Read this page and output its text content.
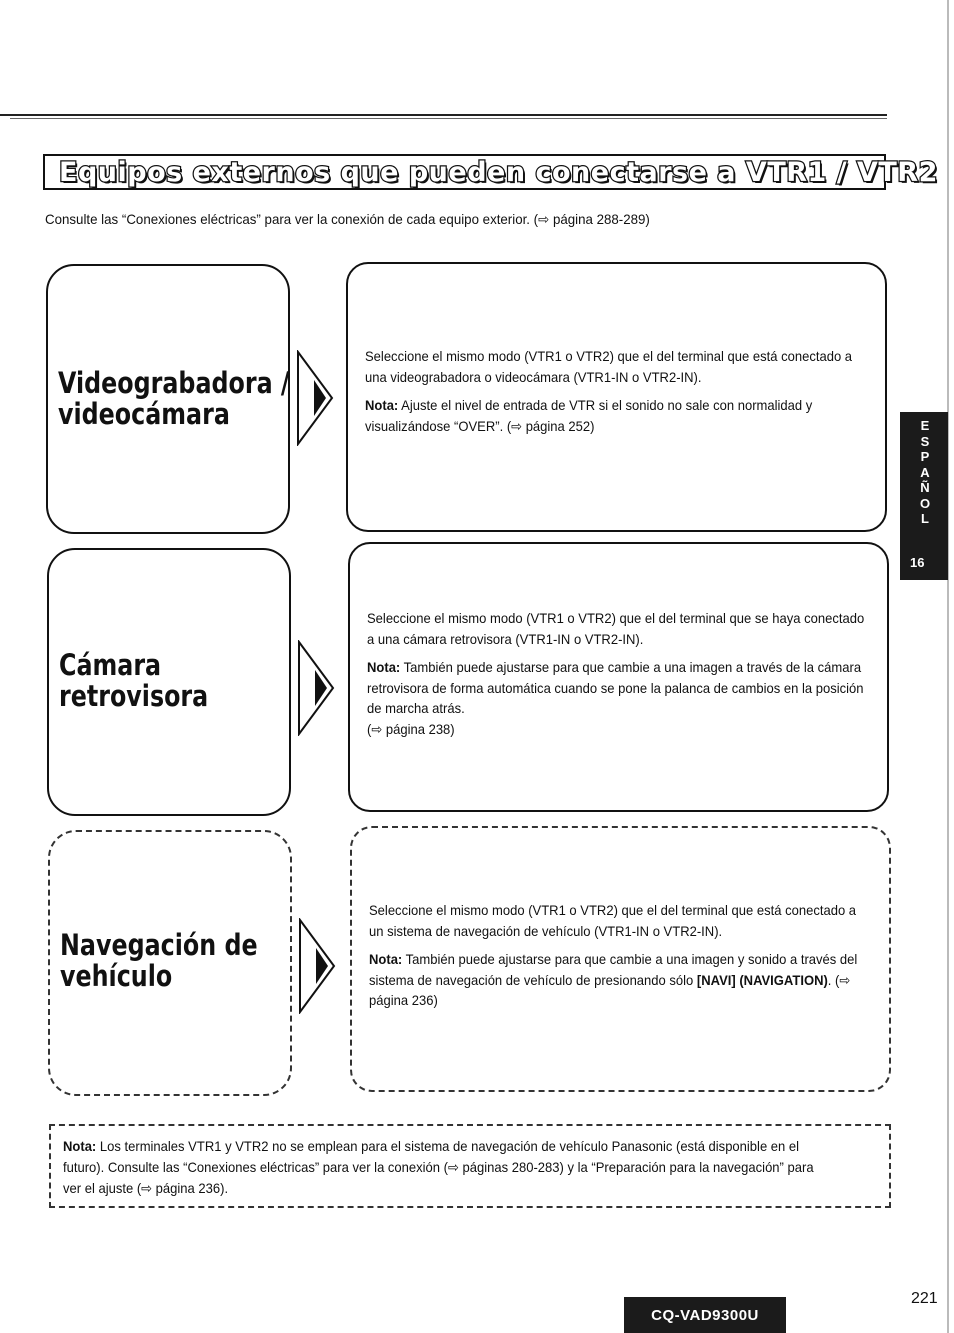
Equipos externos que pueden conectarse a VTR1 / VTR2
Consulte las “Conexiones eléctricas” para ver la conexión de cada equipo exterior. (⇨ página 288-289)
Videograbadora /
videocámara

Seleccione el mismo modo (VTR1 o VTR2) que el del terminal que está conectado a una videograbadora o videocámara (VTR1-IN o VTR2-IN).

Nota: Ajuste el nivel de entrada de VTR si el sonido no sale con normalidad y visualizándose “OVER”. (⇨ página 252)

Cámara
retrovisora

Seleccione el mismo modo (VTR1 o VTR2) que el del terminal que se haya conectado a una cámara retrovisora (VTR1-IN o VTR2-IN).

Nota: También puede ajustarse para que cambie a una imagen a través de la cámara retrovisora de forma automática cuando se pone la palanca de cambios en la posición de marcha atrás.

(⇨ página 238)

Navegación de
vehículo

Seleccione el mismo modo (VTR1 o VTR2) que el del terminal que está conectado a un sistema de navegación de vehículo (VTR1-IN o VTR2-IN).

Nota: También puede ajustarse para que cambie a una imagen y sonido a través del sistema de navegación de vehículo de presionando sólo [NAVI] (NAVIGATION). (⇨ página 236)

Nota: Los terminales VTR1 y VTR2 no se emplean para el sistema de navegación de vehículo Panasonic (está disponible en el futuro). Consulte las “Conexiones eléctricas” para ver la conexión (⇨ páginas 280-283) y la “Preparación para la navegación” para ver el ajuste (⇨ página 236).
E
S
P
A
Ñ
O
L
16
CQ-VAD9300U
221
